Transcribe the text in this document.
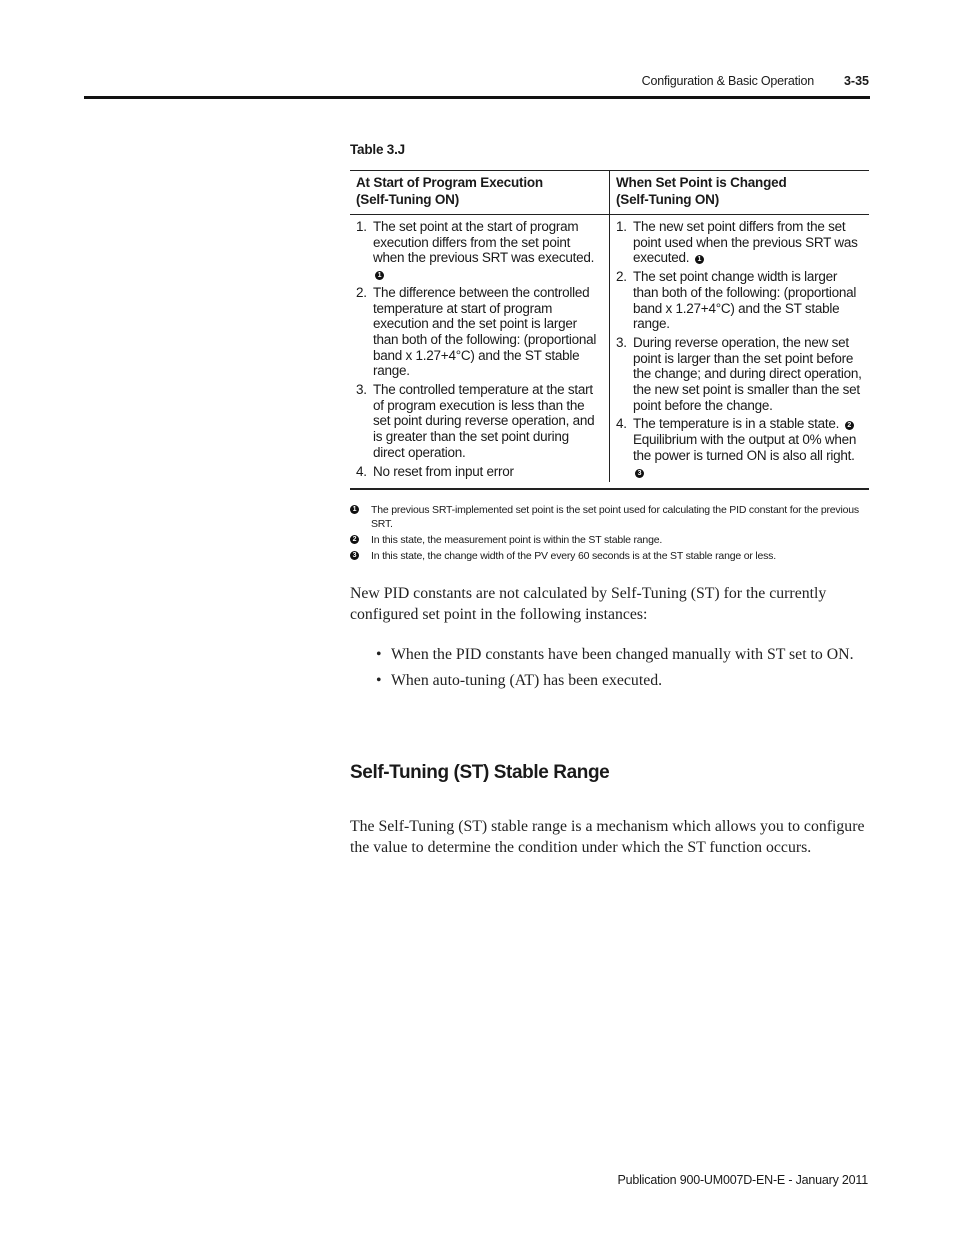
Configuration & Basic Operation 3-35
Table 3.J
At Start of Program Execution
(Self-Tuning ON)
When Set Point is Changed
(Self-Tuning ON)
1. The set point at the start of program execution differs from the set point when the previous SRT was executed. 1
2. The difference between the controlled temperature at start of program execution and the set point is larger than both of the following: (proportional band x 1.27+4°C) and the ST stable range.
3. The controlled temperature at the start of program execution is less than the set point during reverse operation, and is greater than the set point during direct operation.
4. No reset from input error
1. The new set point differs from the set point used when the previous SRT was executed. 1
2. The set point change width is larger than both of the following: (proportional band x 1.27+4°C) and the ST stable range.
3. During reverse operation, the new set point is larger than the set point before the change; and during direct operation, the new set point is smaller than the set point before the change.
4. The temperature is in a stable state. 2 Equilibrium with the output at 0% when the power is turned ON is also all right. 3
1 The previous SRT-implemented set point is the set point used for calculating the PID constant for the previous SRT.
2 In this state, the measurement point is within the ST stable range.
3 In this state, the change width of the PV every 60 seconds is at the ST stable range or less.

New PID constants are not calculated by Self-Tuning (ST) for the currently configured set point in the following instances:

• When the PID constants have been changed manually with ST set to ON.
• When auto-tuning (AT) has been executed.
Self-Tuning (ST) Stable Range

The Self-Tuning (ST) stable range is a mechanism which allows you to configure the value to determine the condition under which the ST function occurs.

Publication 900-UM007D-EN-E - January 2011
